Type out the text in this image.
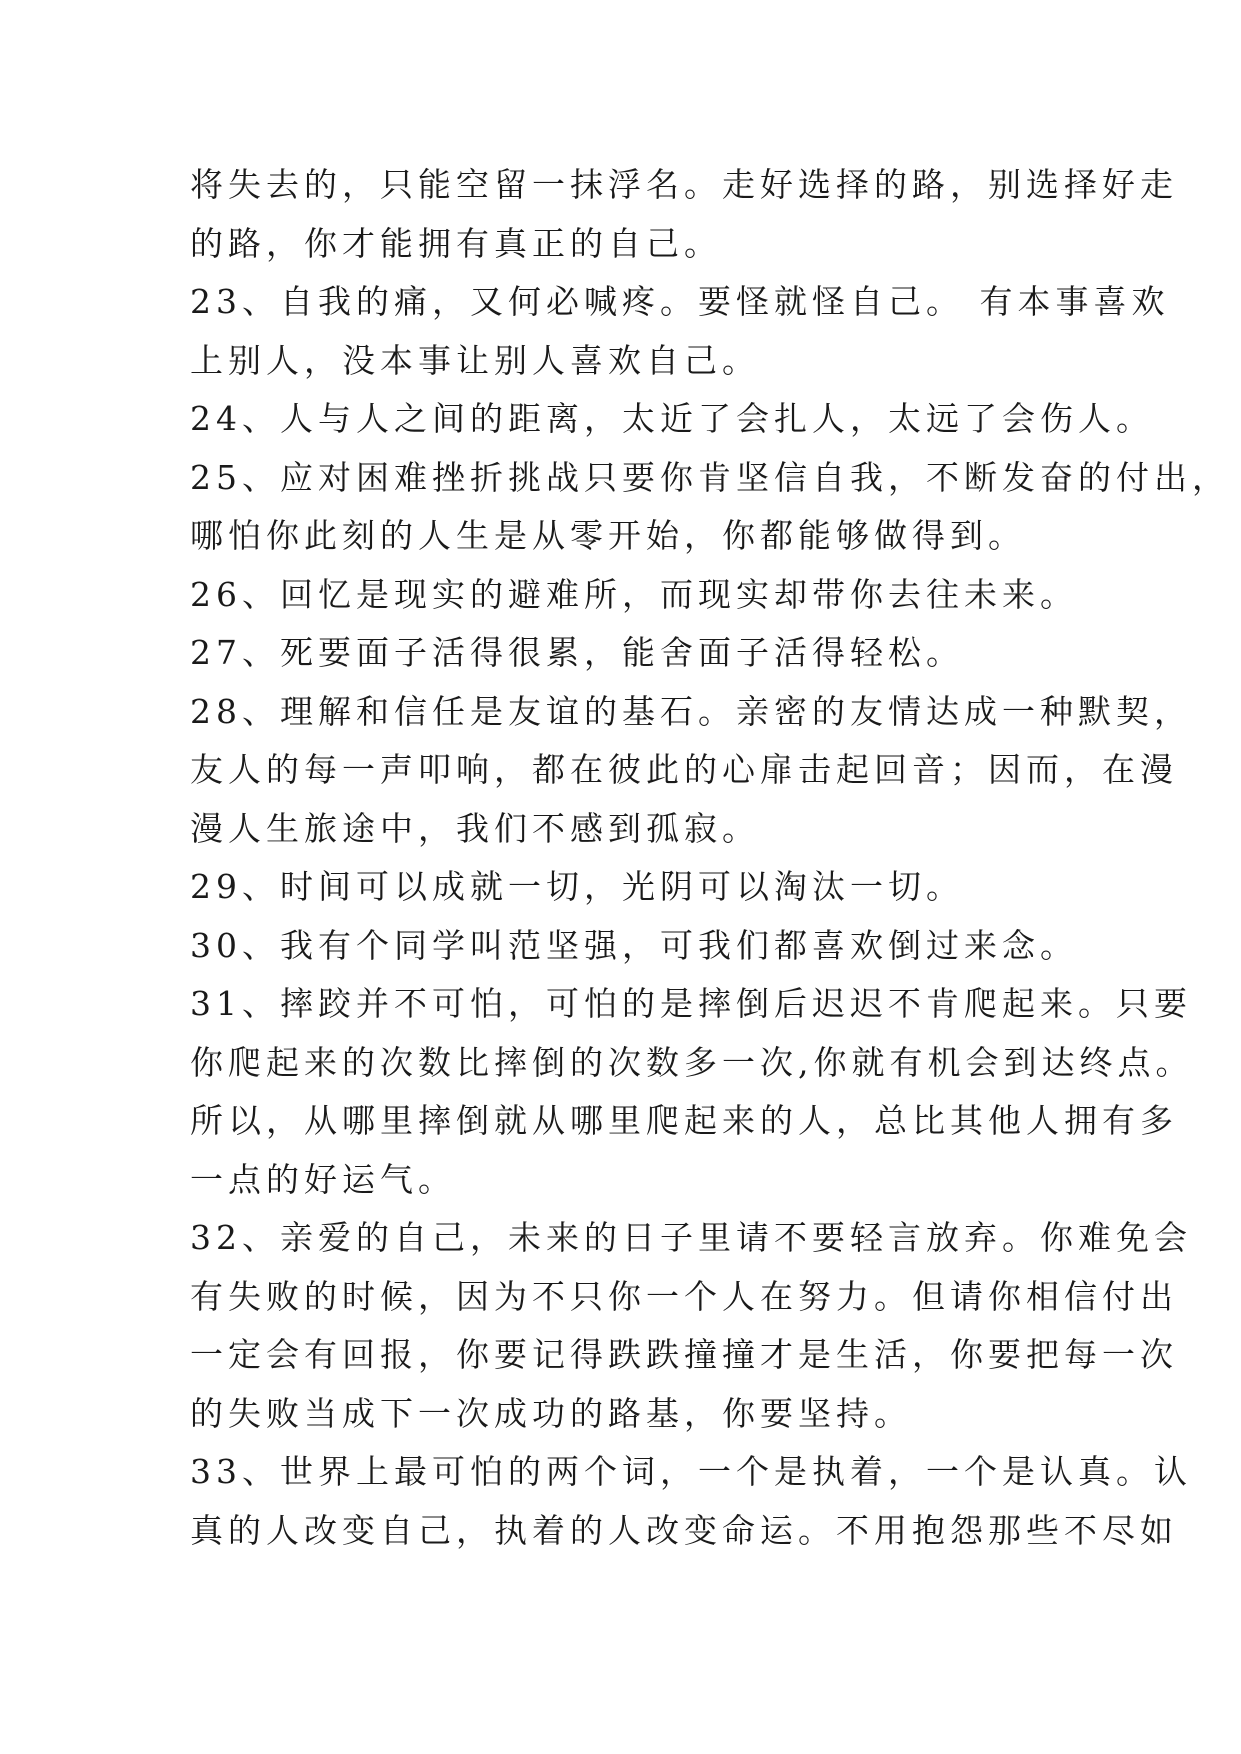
将失去的，只能空留一抹浮名。走好选择的路，别选择好走
的路，你才能拥有真正的自己。
23、自我的痛，又何必喊疼。要怪就怪自己。 有本事喜欢
上别人，没本事让别人喜欢自己。
24、人与人之间的距离，太近了会扎人，太远了会伤人。
25、应对困难挫折挑战只要你肯坚信自我，不断发奋的付出，
哪怕你此刻的人生是从零开始，你都能够做得到。
26、回忆是现实的避难所，而现实却带你去往未来。
27、死要面子活得很累，能舍面子活得轻松。
28、理解和信任是友谊的基石。亲密的友情达成一种默契，
友人的每一声叩响，都在彼此的心扉击起回音；因而，在漫
漫人生旅途中，我们不感到孤寂。
29、时间可以成就一切，光阴可以淘汰一切。
30、我有个同学叫范坚强，可我们都喜欢倒过来念。
31、摔跤并不可怕，可怕的是摔倒后迟迟不肯爬起来。只要
你爬起来的次数比摔倒的次数多一次,你就有机会到达终点。
所以，从哪里摔倒就从哪里爬起来的人，总比其他人拥有多
一点的好运气。
32、亲爱的自己，未来的日子里请不要轻言放弃。你难免会
有失败的时候，因为不只你一个人在努力。但请你相信付出
一定会有回报，你要记得跌跌撞撞才是生活，你要把每一次
的失败当成下一次成功的路基，你要坚持。
33、世界上最可怕的两个词，一个是执着，一个是认真。认
真的人改变自己，执着的人改变命运。不用抱怨那些不尽如
